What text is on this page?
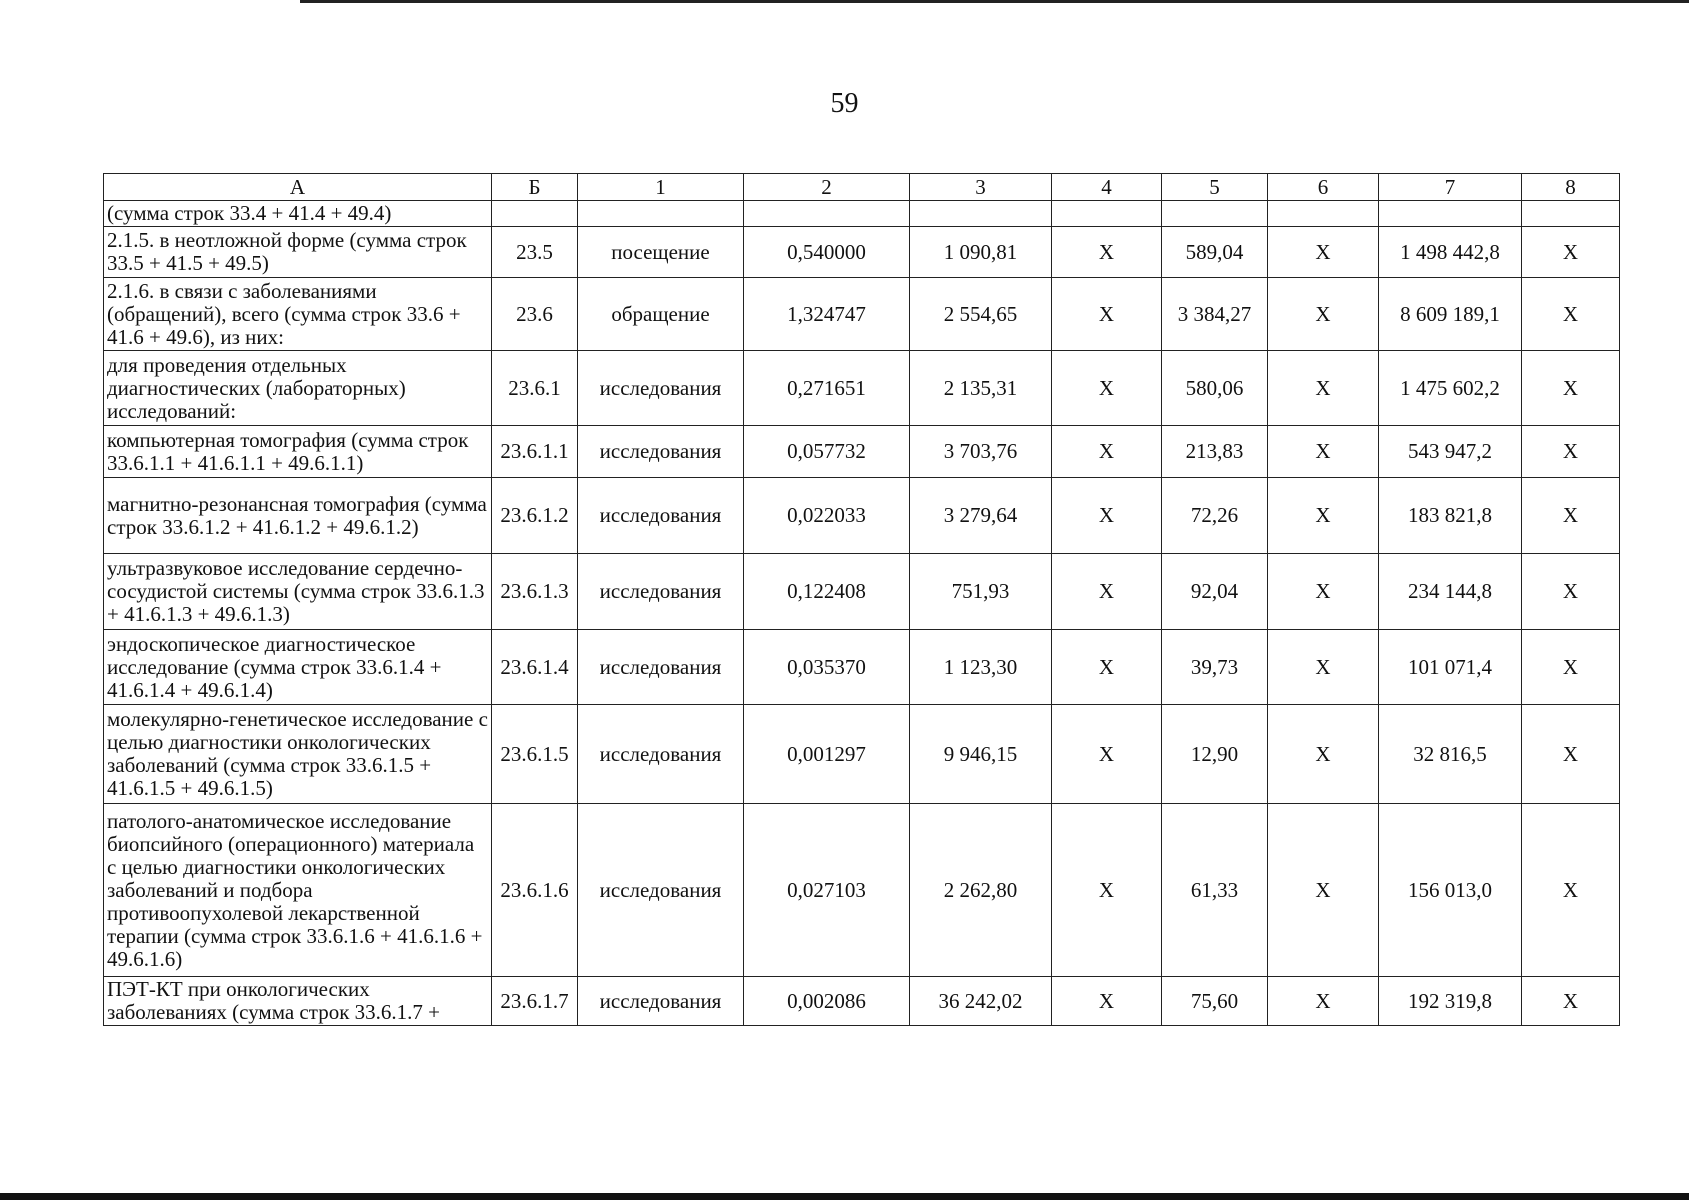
59
А	Б	1	2	3	4	5	6	7	8
(сумма строк 33.4 + 41.4 + 49.4)									
2.1.5. в неотложной форме (сумма строк 33.5 + 41.5 + 49.5)	23.5	посещение	0,540000	1 090,81	X	589,04	X	1 498 442,8	X
2.1.6. в связи с заболеваниями (обращений), всего (сумма строк 33.6 + 41.6 + 49.6), из них:	23.6	обращение	1,324747	2 554,65	X	3 384,27	X	8 609 189,1	X
для проведения отдельных диагностических (лабораторных) исследований:	23.6.1	исследования	0,271651	2 135,31	X	580,06	X	1 475 602,2	X
компьютерная томография (сумма строк 33.6.1.1 + 41.6.1.1 + 49.6.1.1)	23.6.1.1	исследования	0,057732	3 703,76	X	213,83	X	543 947,2	X
магнитно-резонансная томография (сумма строк 33.6.1.2 + 41.6.1.2 + 49.6.1.2)	23.6.1.2	исследования	0,022033	3 279,64	X	72,26	X	183 821,8	X
ультразвуковое исследование сердечно-сосудистой системы (сумма строк 33.6.1.3 + 41.6.1.3 + 49.6.1.3)	23.6.1.3	исследования	0,122408	751,93	X	92,04	X	234 144,8	X
эндоскопическое диагностическое исследование (сумма строк 33.6.1.4 + 41.6.1.4 + 49.6.1.4)	23.6.1.4	исследования	0,035370	1 123,30	X	39,73	X	101 071,4	X
молекулярно-генетическое исследование с целью диагностики онкологических заболеваний (сумма строк 33.6.1.5 + 41.6.1.5 + 49.6.1.5)	23.6.1.5	исследования	0,001297	9 946,15	X	12,90	X	32 816,5	X
патолого-анатомическое исследование биопсийного (операционного) материала с целью диагностики онкологических заболеваний и подбора противоопухолевой лекарственной терапии (сумма строк 33.6.1.6 + 41.6.1.6 + 49.6.1.6)	23.6.1.6	исследования	0,027103	2 262,80	X	61,33	X	156 013,0	X
ПЭТ-КТ при онкологических заболеваниях (сумма строк 33.6.1.7 +	23.6.1.7	исследования	0,002086	36 242,02	X	75,60	X	192 319,8	X
